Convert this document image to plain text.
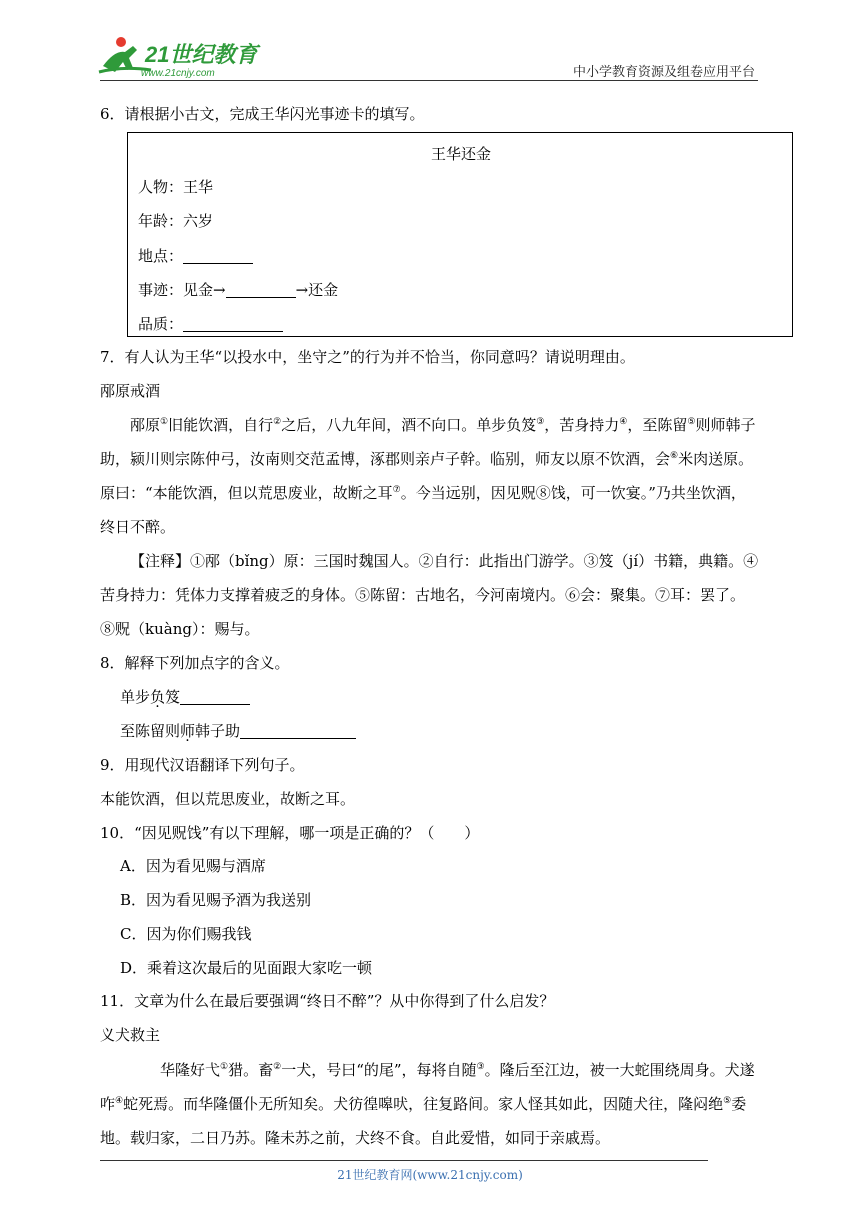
21世纪教育
www.21cnjy.com	中小学教育资源及组卷应用平台
6．请根据小古文，完成王华闪光事迹卡的填写。
王华还金
人物：王华
年龄：六岁
地点：
事迹：见金→	→还金
品质：
7．有人认为王华“以投水中，坐守之”的行为并不恰当，你同意吗？请说明理由。
邴原戒酒
邴原①旧能饮酒，自行②之后，八九年间，酒不向口。单步负笈③，苦身持力④，至陈留⑤则师韩子助，颍川则宗陈仲弓，汝南则交范孟博，涿郡则亲卢子幹。临别，师友以原不饮酒，会⑥米肉送原。原曰：“本能饮酒，但以荒思废业，故断之耳⑦。今当远别，因见贶⑧饯，可一饮宴。”乃共坐饮酒，终日不醉。
【注释】①邴（bǐng）原：三国时魏国人。②自行：此指出门游学。③笈（jí）书籍，典籍。④苦身持力：凭体力支撑着疲乏的身体。⑤陈留：古地名，今河南境内。⑥会：聚集。⑦耳：罢了。 ⑧贶（kuàng）：赐与。
8．解释下列加点字的含义。
单步负笈
至陈留则师韩子助
9．用现代汉语翻译下列句子。
本能饮酒，但以荒思废业，故断之耳。
10．“因见贶饯”有以下理解，哪一项是正确的？（　　）
A．因为看见赐与酒席
B．因为看见赐予酒为我送别
C．因为你们赐我钱
D．乘着这次最后的见面跟大家吃一顿
11．文章为什么在最后要强调“终日不醉”？从中你得到了什么启发？
义犬救主
华隆好弋①猎。畜②一犬，号曰“的尾”，每将自随③。隆后至江边，被一大蛇围绕周身。犬遂咋④蛇死焉。而华隆僵仆无所知矣。犬彷徨嗥吠，往复路间。家人怪其如此，因随犬往，隆闷绝⑤委地。载归家，二日乃苏。隆未苏之前，犬终不食。自此爱惜，如同于亲戚焉。
21世纪教育网(www.21cnjy.com)
